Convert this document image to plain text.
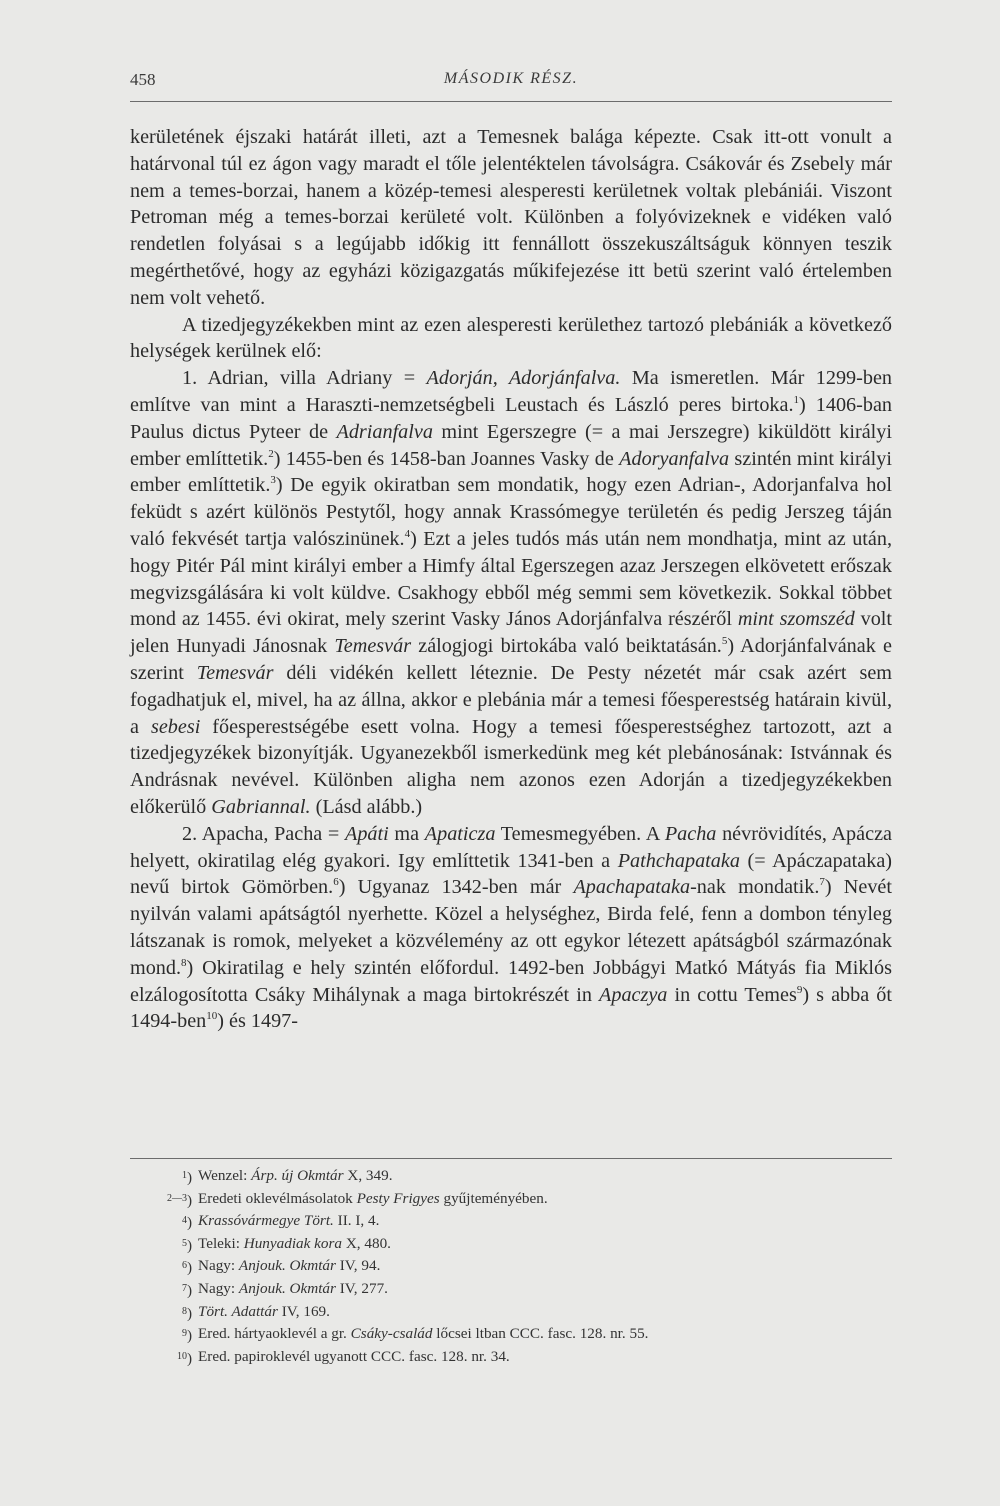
458	MÁSODIK RÉSZ.

kerületének éjszaki határát illeti, azt a Temesnek balága képezte. Csak itt-ott vonult a határvonal túl ez ágon vagy maradt el tőle jelentéktelen távolságra. Csákovár és Zsebely már nem a temes-borzai, hanem a közép-temesi alesperesti kerületnek voltak plebániái. Viszont Petroman még a temes-borzai kerületé volt. Különben a folyóvizeknek e vidéken való rendetlen folyásai s a legújabb időkig itt fennállott összekuszáltságuk könnyen teszik megérthetővé, hogy az egyházi közigazgatás műkifejezése itt betü szerint való értelemben nem volt vehető.

A tizedjegyzékekben mint az ezen alesperesti kerülethez tartozó plebániák a következő helységek kerülnek elő:

1. Adrian, villa Adriany = Adorján, Adorjánfalva. Ma ismeretlen. Már 1299-ben említve van mint a Haraszti-nemzetségbeli Leustach és László peres birtoka.$^1$) 1406-ban Paulus dictus Pyteer de Adrianfalva mint Egerszegre (= a mai Jerszegre) kiküldött királyi ember említtetik.$^2$) 1455-ben és 1458-ban Joannes Vasky de Adoryanfalva szintén mint királyi ember említtetik.$^3$) De egyik okiratban sem mondatik, hogy ezen Adrian-, Adorjanfalva hol feküdt s azért különös Pestytől, hogy annak Krassómegye területén és pedig Jerszeg táján való fekvését tartja valószinünek.$^4$) Ezt a jeles tudós más után nem mondhatja, mint az után, hogy Pitér Pál mint királyi ember a Himfy által Egerszegen azaz Jerszegen elkövetett erőszak megvizsgálására ki volt küldve. Csakhogy ebből még semmi sem következik. Sokkal többet mond az 1455. évi okirat, mely szerint Vasky János Adorjánfalva részéről mint szomszéd volt jelen Hunyadi Jánosnak Temesvár zálogjogi birtokába való beiktatásán.$^5$) Adorjánfalvának e szerint Temesvár déli vidékén kellett léteznie. De Pesty nézetét már csak azért sem fogadhatjuk el, mivel, ha az állna, akkor e plebánia már a temesi főesperestség határain kivül, a sebesi főesperestségébe esett volna. Hogy a temesi főesperestséghez tartozott, azt a tizedjegyzékek bizonyítják. Ugyanezekből ismerkedünk meg két plebánosának: Istvánnak és Andrásnak nevével. Különben aligha nem azonos ezen Adorján a tizedjegyzékekben előkerülő Gabriannal. (Lásd alább.)

2. Apacha, Pacha = Apáti ma Apaticza Temesmegyében. A Pacha névrövidítés, Apácza helyett, okiratilag elég gyakori. Igy említtetik 1341-ben a Pathchapataka (= Apáczapataka) nevű birtok Gömörben.$^6$) Ugyanaz 1342-ben már Apachapataka-nak mondatik.$^7$) Nevét nyilván valami apátságtól nyerhette. Közel a helységhez, Birda felé, fenn a dombon tényleg látszanak is romok, melyeket a közvélemény az ott egykor létezett apátságból származónak mond.$^8$) Okiratilag e hely szintén előfordul. 1492-ben Jobbágyi Matkó Mátyás fia Miklós elzálogosította Csáky Mihálynak a maga birtokrészét in Apaczya in cottu Temes$^9$) s abba őt 1494-ben$^{10}$) és 1497-

$^1$) Wenzel: Árp. új Okmtár X, 349.
$^{2—3}$) Eredeti oklevélmásolatok Pesty Frigyes gyűjteményében.
$^4$) Krassóvármegye Tört. II. I, 4.
$^5$) Teleki: Hunyadiak kora X, 480.
$^6$) Nagy: Anjouk. Okmtár IV, 94.
$^7$) Nagy: Anjouk. Okmtár IV, 277.
$^8$) Tört. Adattár IV, 169.
$^9$) Ered. hártyaoklevél a gr. Csáky-család lőcsei ltban CCC. fasc. 128. nr. 55.
$^{10}$) Ered. papiroklevél ugyanott CCC. fasc. 128. nr. 34.
